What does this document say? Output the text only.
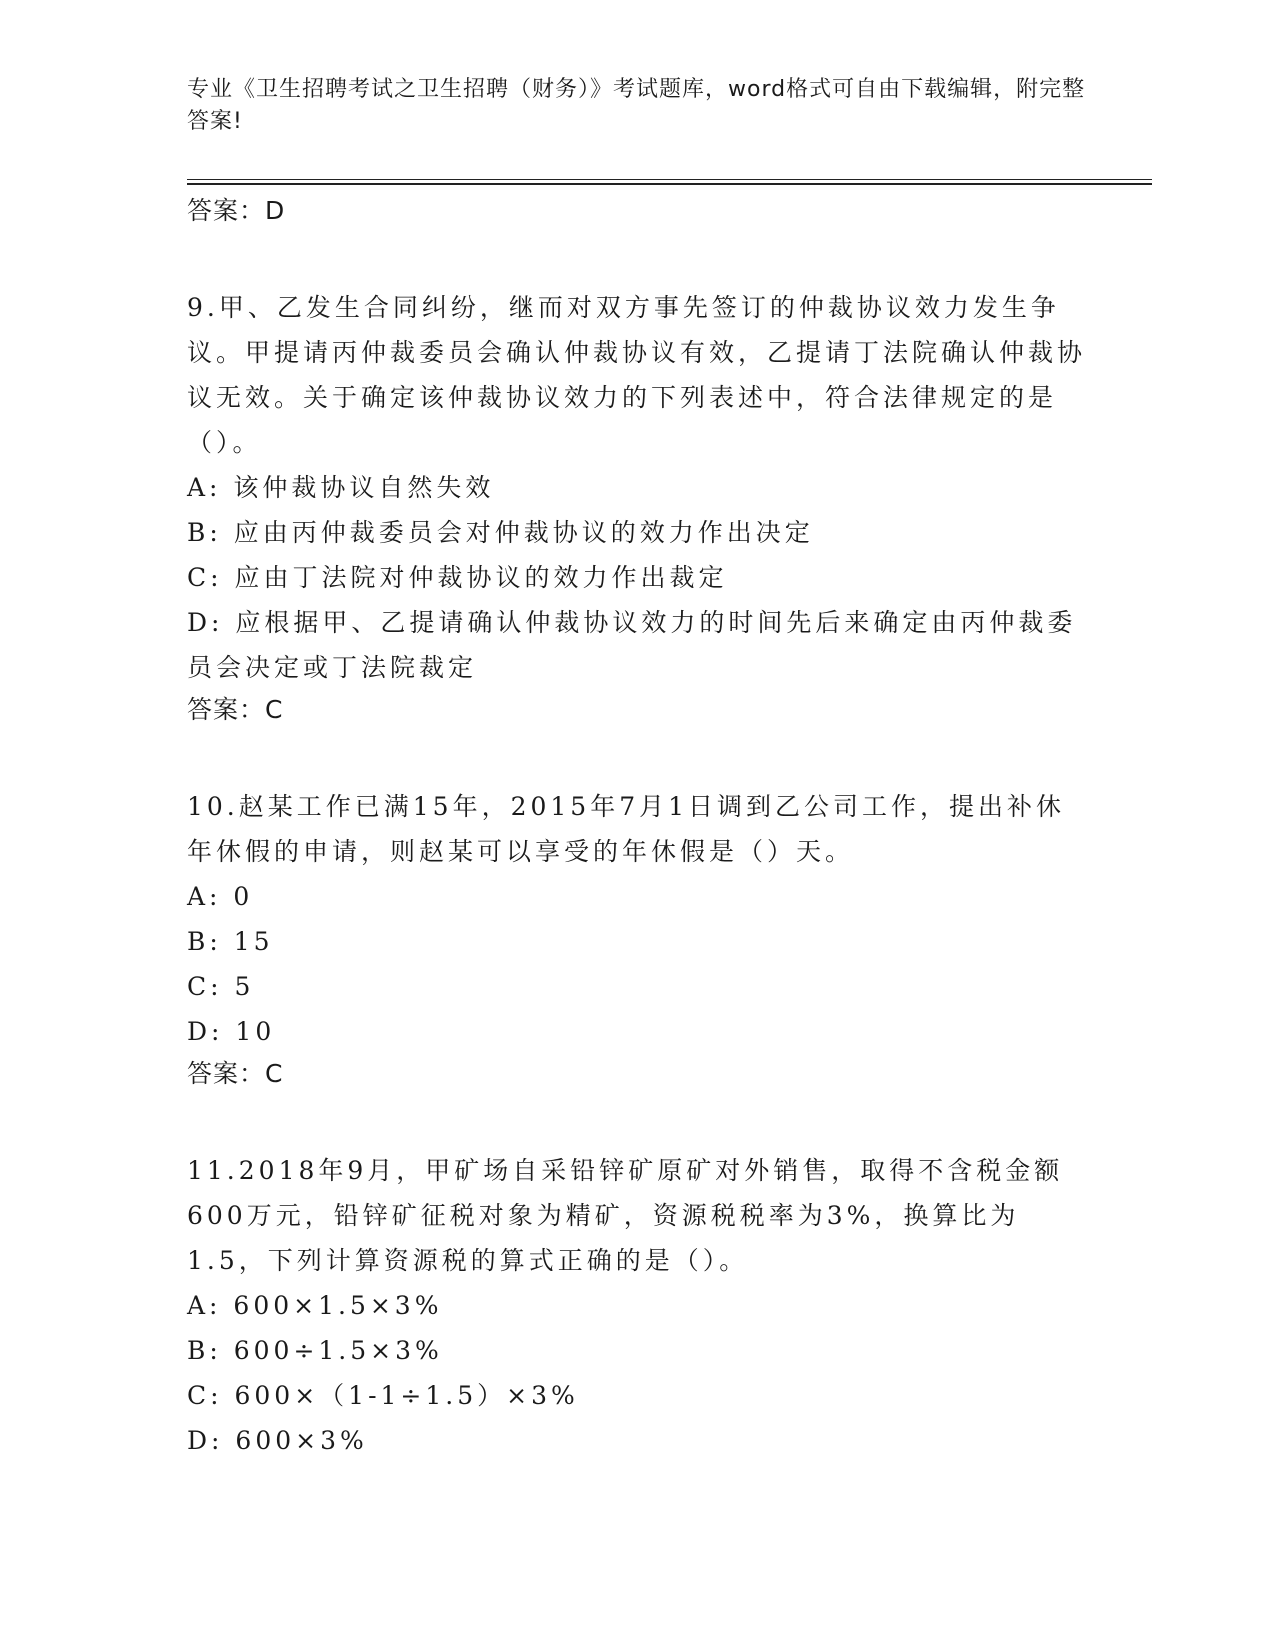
专业《卫生招聘考试之卫生招聘（财务）》考试题库，word格式可自由下载编辑，附完整答案!
答案：D

9.甲、乙发生合同纠纷，继而对双方事先签订的仲裁协议效力发生争议。甲提请丙仲裁委员会确认仲裁协议有效，乙提请丁法院确认仲裁协议无效。关于确定该仲裁协议效力的下列表述中，符合法律规定的是（）。

A: 该仲裁协议自然失效

B: 应由丙仲裁委员会对仲裁协议的效力作出决定

C: 应由丁法院对仲裁协议的效力作出裁定

D: 应根据甲、乙提请确认仲裁协议效力的时间先后来确定由丙仲裁委员会决定或丁法院裁定

答案：C

10.赵某工作已满15年，2015年7月1日调到乙公司工作，提出补休年休假的申请，则赵某可以享受的年休假是（）天。

A: 0

B: 15

C: 5

D: 10

答案：C

11.2018年9月，甲矿场自采铅锌矿原矿对外销售，取得不含税金额600万元，铅锌矿征税对象为精矿，资源税税率为3%，换算比为1.5，下列计算资源税的算式正确的是（）。

A: 600×1.5×3%

B: 600÷1.5×3%

C: 600×（1-1÷1.5）×3%

D: 600×3%
